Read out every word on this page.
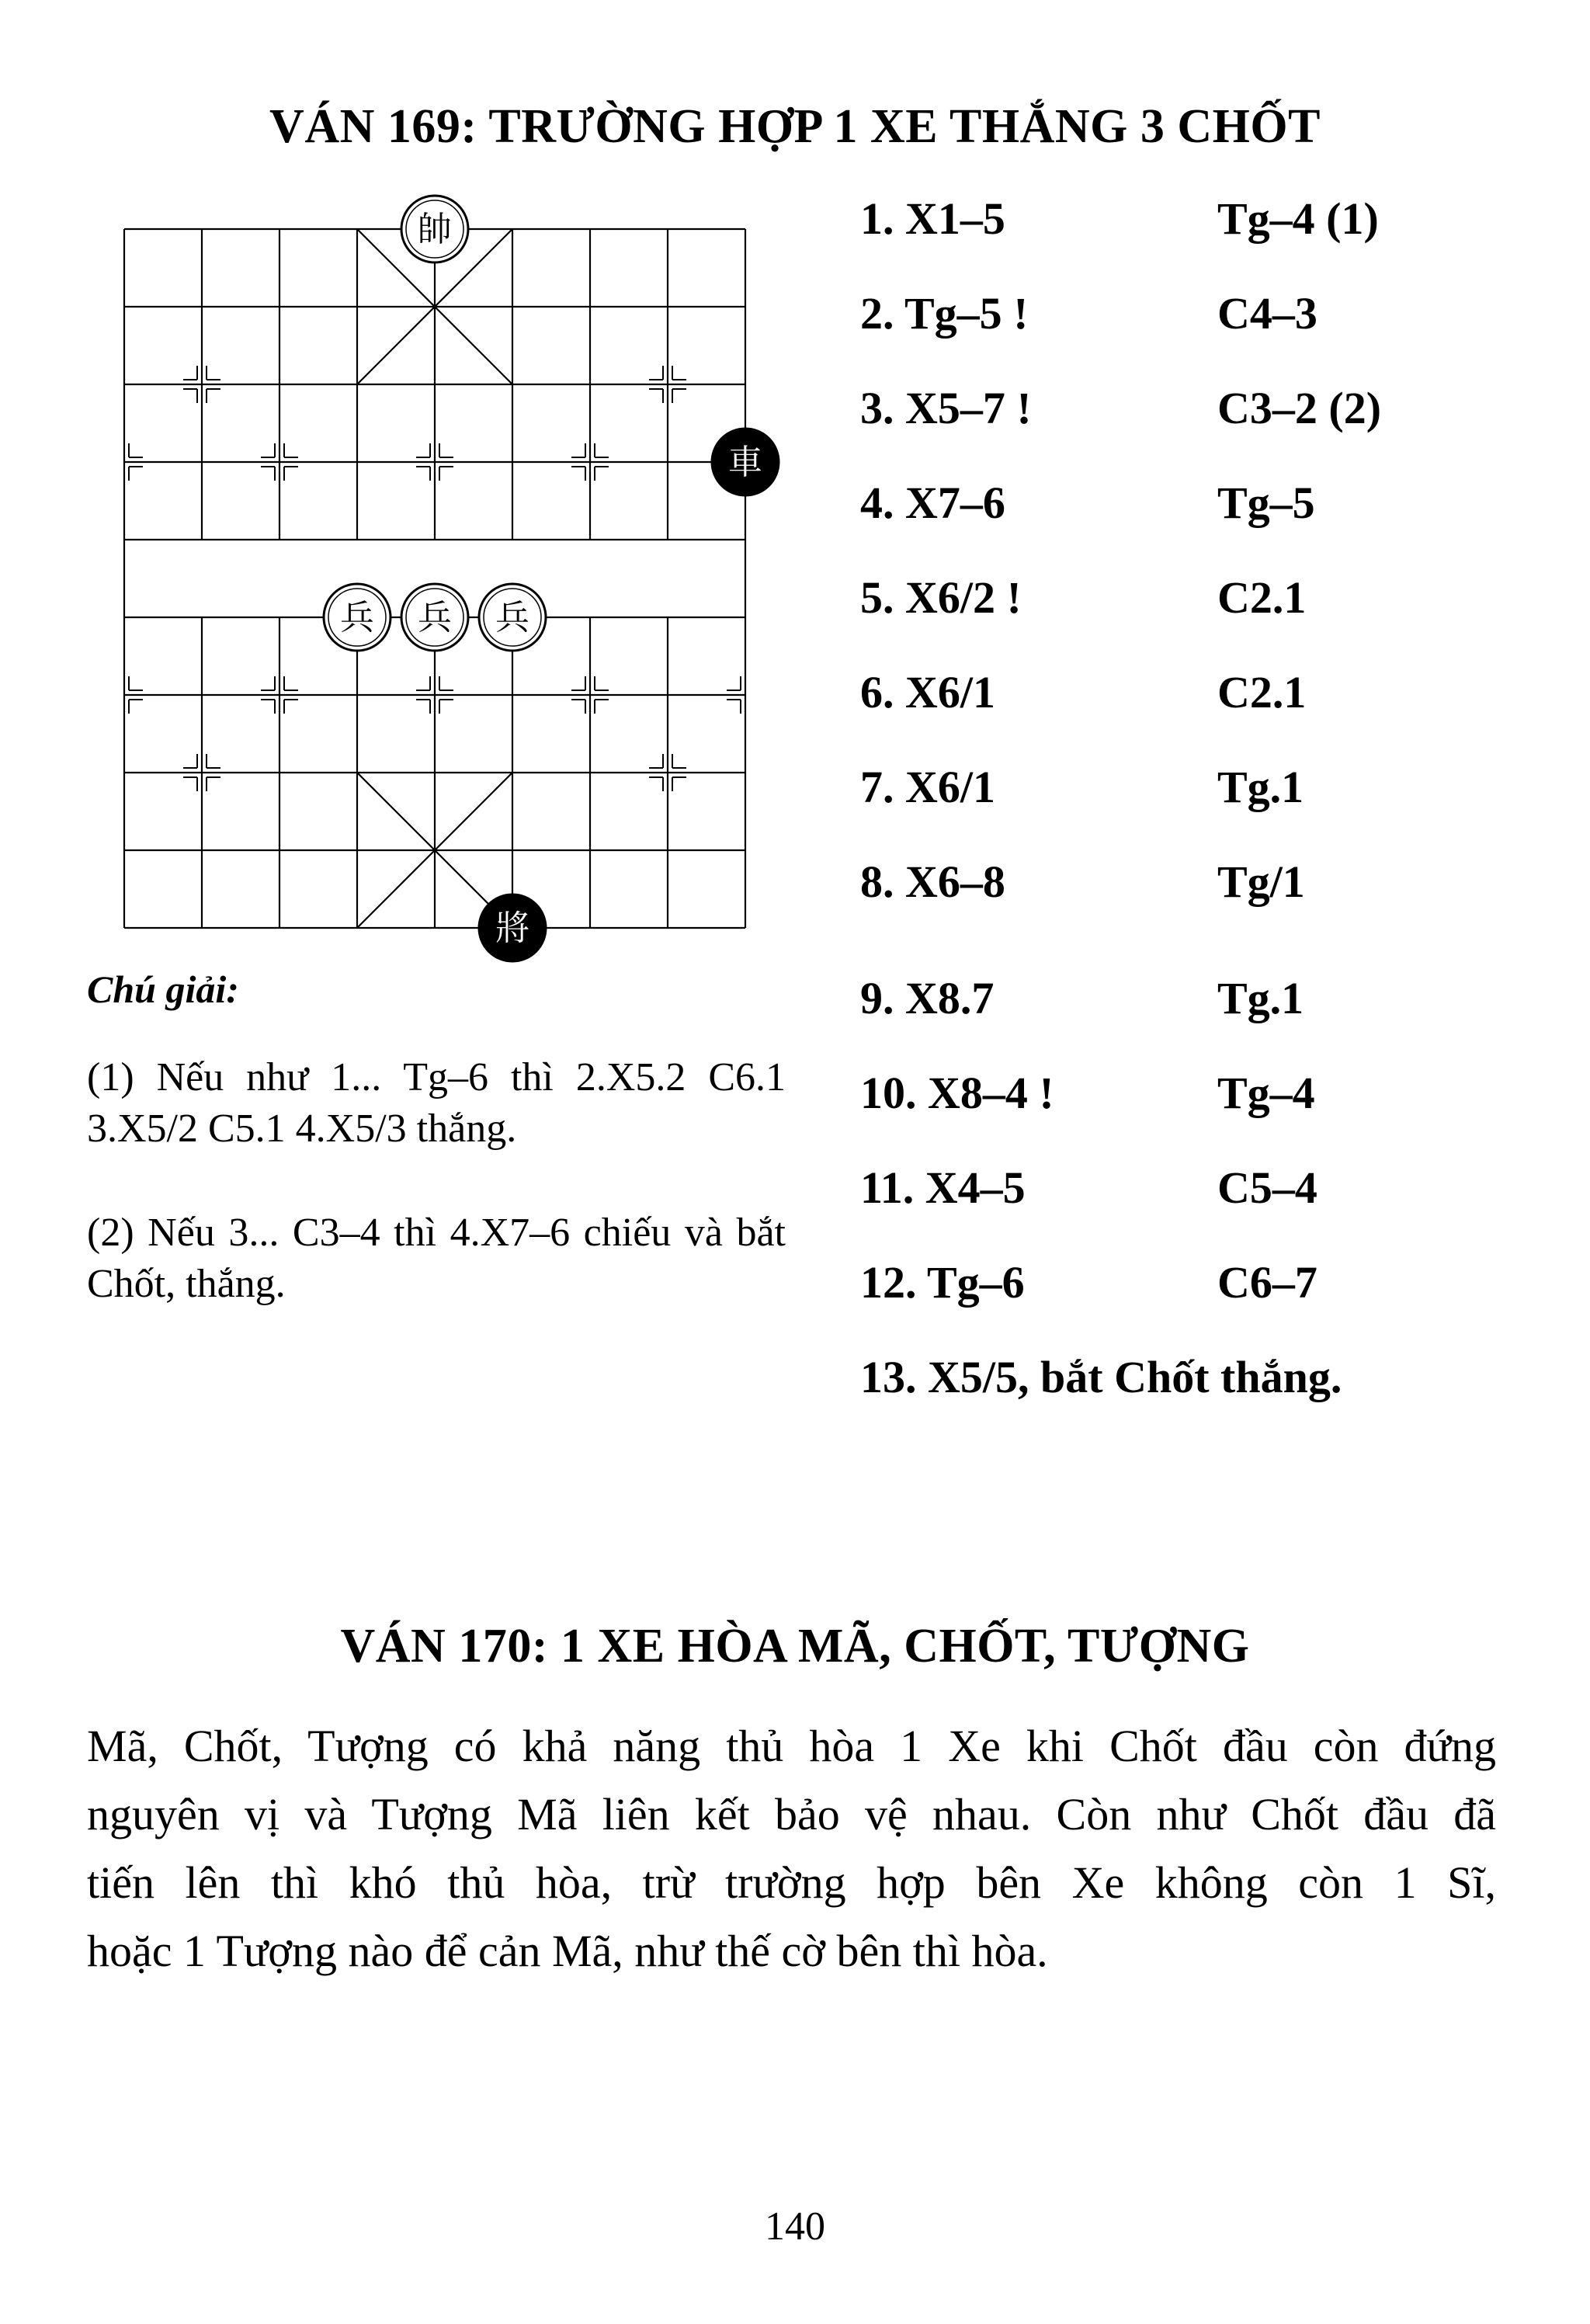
VÁN 169: TRƯỜNG HỢP 1 XE THẮNG 3 CHỐT
帥
車
兵 兵 兵
將
Chú giải:
(1) Nếu như 1... Tg–6 thì 2.X5.2 C6.1 3.X5/2 C5.1 4.X5/3 thắng.
(2) Nếu 3... C3–4 thì 4.X7–6 chiếu và bắt Chốt, thắng.
1. X1–5	Tg–4 (1)
2. Tg–5 !	C4–3
3. X5–7 !	C3–2 (2)
4. X7–6	Tg–5
5. X6/2 !	C2.1
6. X6/1	C2.1
7. X6/1	Tg.1
8. X6–8	Tg/1
9. X8.7	Tg.1
10. X8–4 !	Tg–4
11. X4–5	C5–4
12. Tg–6	C6–7
13. X5/5, bắt Chốt thắng.
VÁN 170: 1 XE HÒA MÃ, CHỐT, TƯỢNG
Mã, Chốt, Tượng có khả năng thủ hòa 1 Xe khi Chốt đầu còn đứng
nguyên vị và Tượng Mã liên kết bảo vệ nhau. Còn như Chốt đầu đã
tiến lên thì khó thủ hòa, trừ trường hợp bên Xe không còn 1 Sĩ,
hoặc 1 Tượng nào để cản Mã, như thế cờ bên thì hòa.
140
